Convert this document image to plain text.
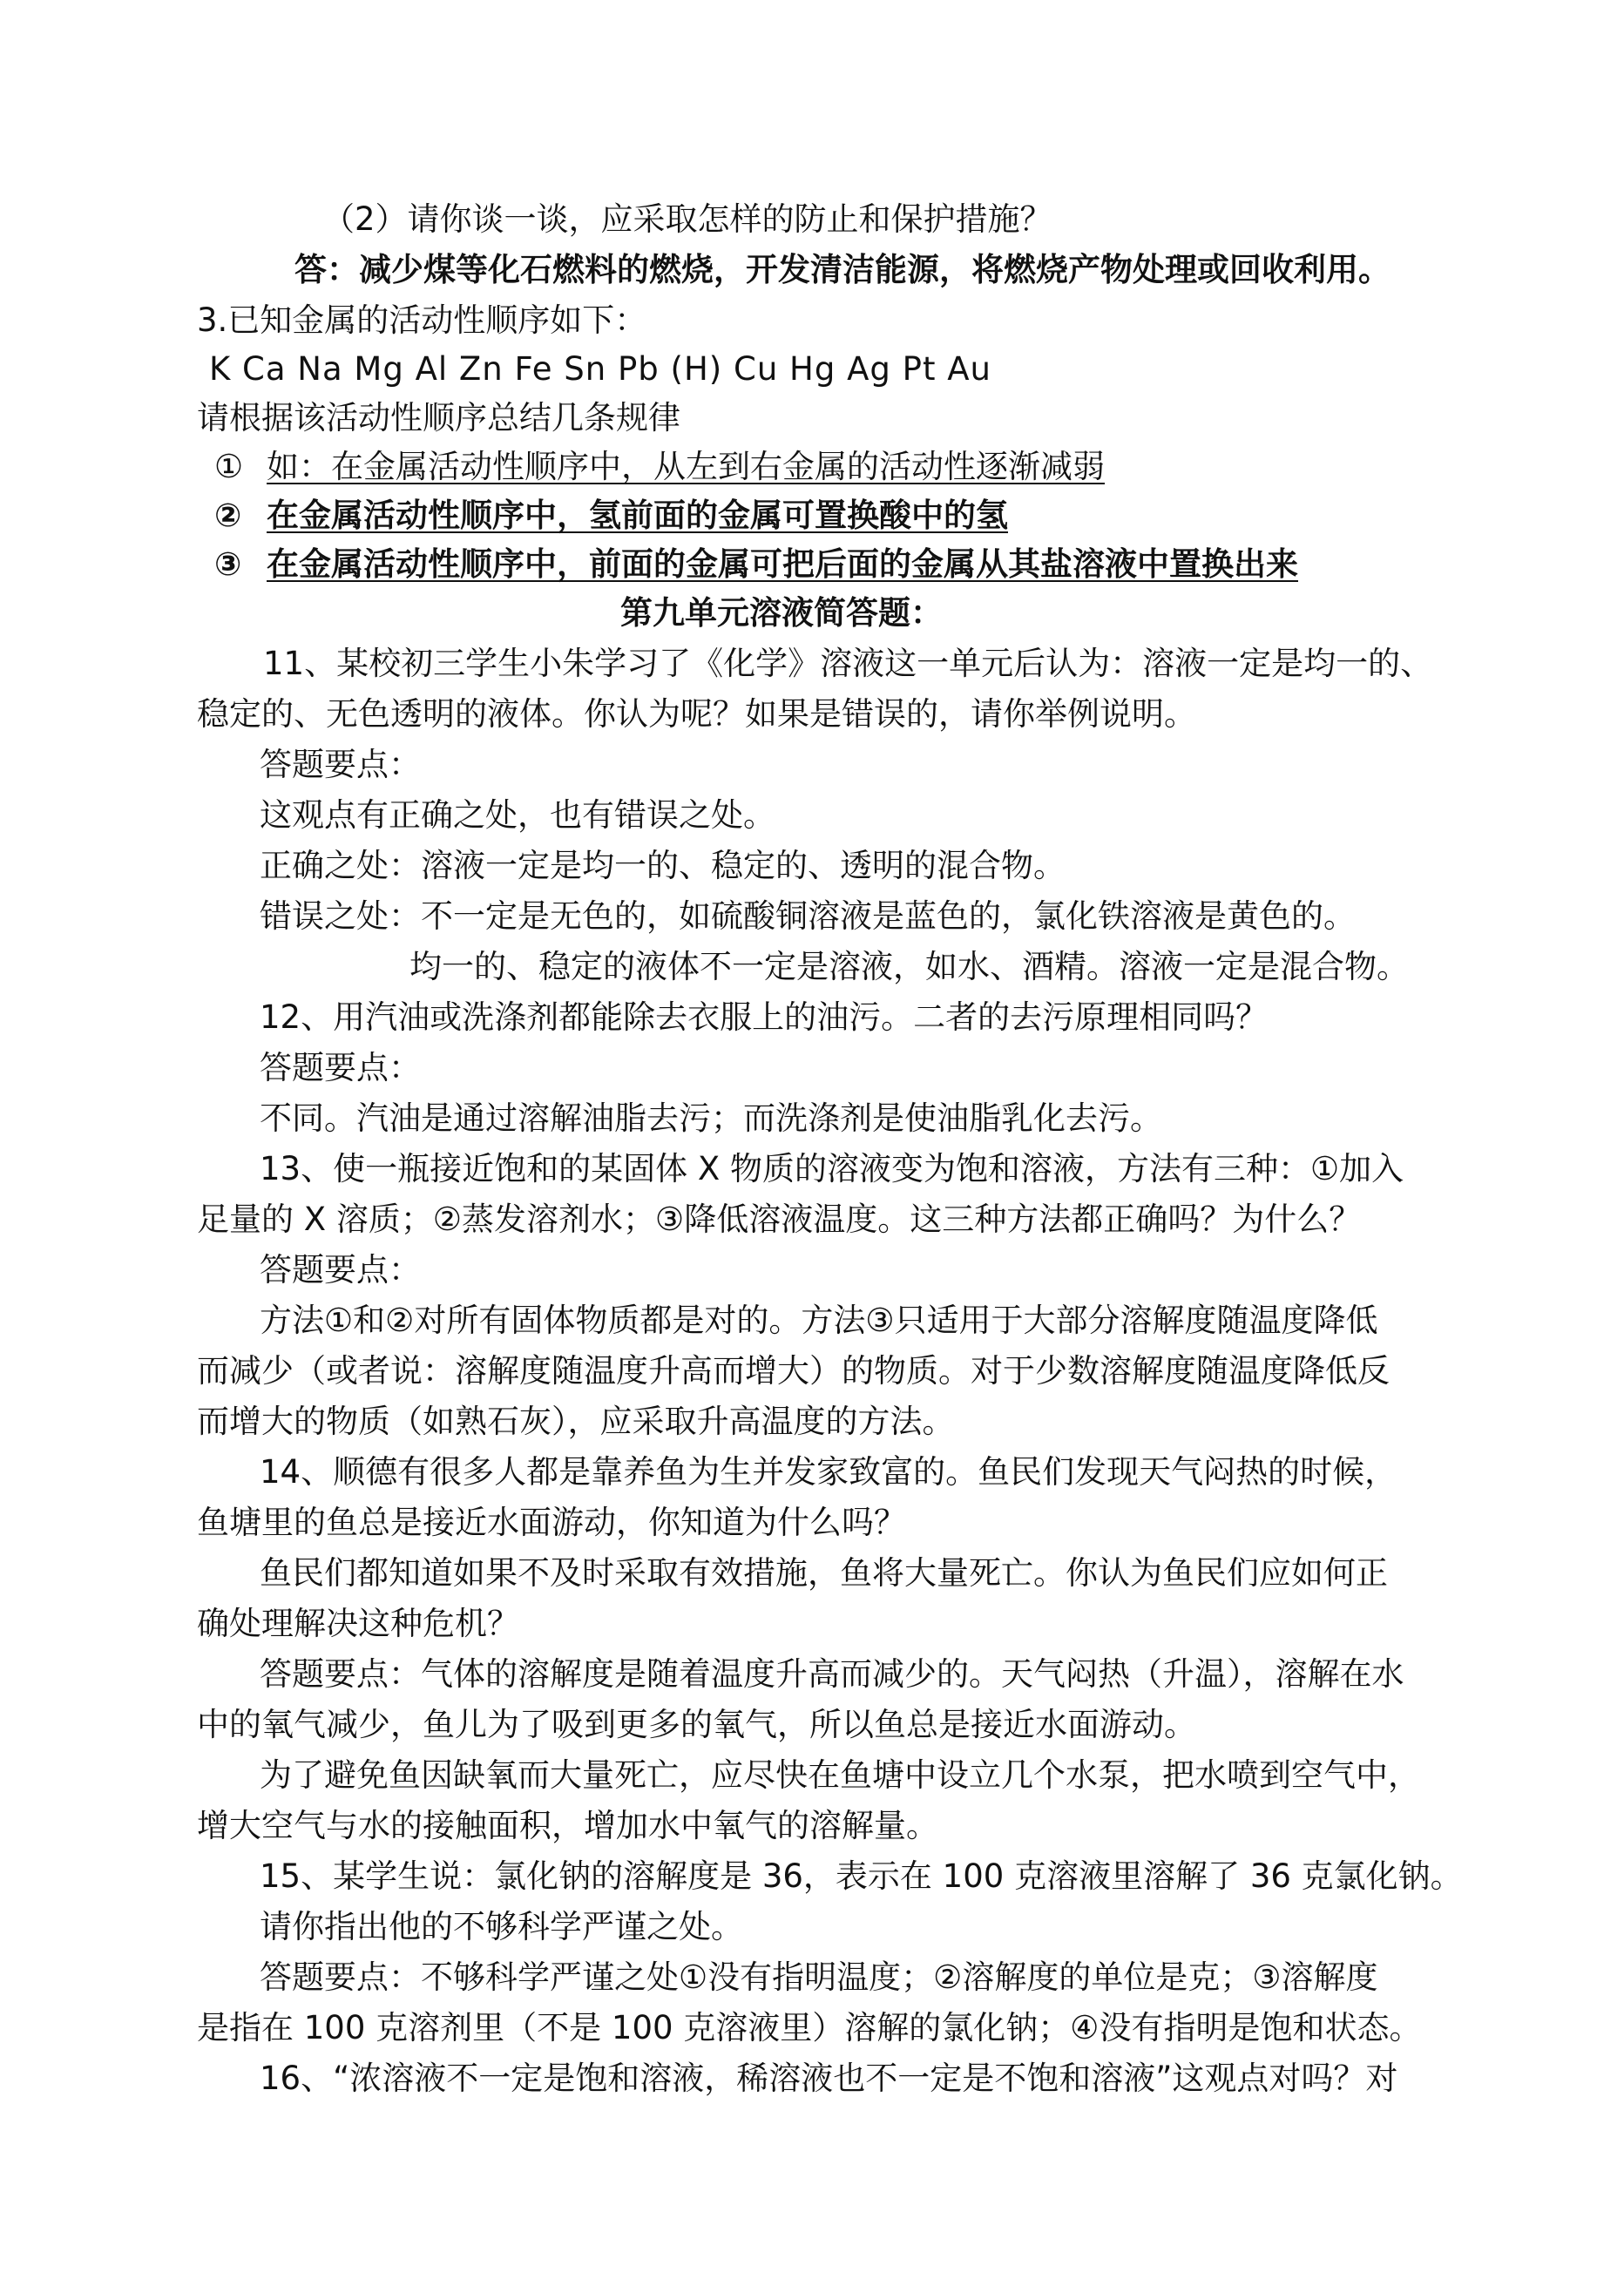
（2）请你谈一谈，应采取怎样的防止和保护措施？
答：减少煤等化石燃料的燃烧，开发清洁能源，将燃烧产物处理或回收利用。
3.已知金属的活动性顺序如下：
K Ca Na Mg Al Zn Fe Sn Pb (H) Cu Hg Ag Pt Au
请根据该活动性顺序总结几条规律
① 如：在金属活动性顺序中，从左到右金属的活动性逐渐减弱
② 在金属活动性顺序中，氢前面的金属可置换酸中的氢
③ 在金属活动性顺序中，前面的金属可把后面的金属从其盐溶液中置换出来
第九单元溶液简答题：
11、某校初三学生小朱学习了《化学》溶液这一单元后认为：溶液一定是均一的、
稳定的、无色透明的液体。你认为呢？如果是错误的，请你举例说明。
答题要点：
这观点有正确之处，也有错误之处。
正确之处：溶液一定是均一的、稳定的、透明的混合物。
错误之处：不一定是无色的，如硫酸铜溶液是蓝色的，氯化铁溶液是黄色的。
均一的、稳定的液体不一定是溶液，如水、酒精。溶液一定是混合物。
12、用汽油或洗涤剂都能除去衣服上的油污。二者的去污原理相同吗？
答题要点：
不同。汽油是通过溶解油脂去污；而洗涤剂是使油脂乳化去污。
13、使一瓶接近饱和的某固体 X 物质的溶液变为饱和溶液，方法有三种：①加入
足量的 X 溶质；②蒸发溶剂水；③降低溶液温度。这三种方法都正确吗？为什么？
答题要点：
方法①和②对所有固体物质都是对的。方法③只适用于大部分溶解度随温度降低
而减少（或者说：溶解度随温度升高而增大）的物质。对于少数溶解度随温度降低反
而增大的物质（如熟石灰），应采取升高温度的方法。
14、顺德有很多人都是靠养鱼为生并发家致富的。鱼民们发现天气闷热的时候，
鱼塘里的鱼总是接近水面游动，你知道为什么吗？
鱼民们都知道如果不及时采取有效措施，鱼将大量死亡。你认为鱼民们应如何正
确处理解决这种危机？
答题要点：气体的溶解度是随着温度升高而减少的。天气闷热（升温），溶解在水
中的氧气减少，鱼儿为了吸到更多的氧气，所以鱼总是接近水面游动。
为了避免鱼因缺氧而大量死亡，应尽快在鱼塘中设立几个水泵，把水喷到空气中，
增大空气与水的接触面积，增加水中氧气的溶解量。
15、某学生说：氯化钠的溶解度是 36，表示在 100 克溶液里溶解了 36 克氯化钠。
请你指出他的不够科学严谨之处。
答题要点：不够科学严谨之处①没有指明温度；②溶解度的单位是克；③溶解度
是指在 100 克溶剂里（不是 100 克溶液里）溶解的氯化钠；④没有指明是饱和状态。
16、“浓溶液不一定是饱和溶液，稀溶液也不一定是不饱和溶液”这观点对吗？对
